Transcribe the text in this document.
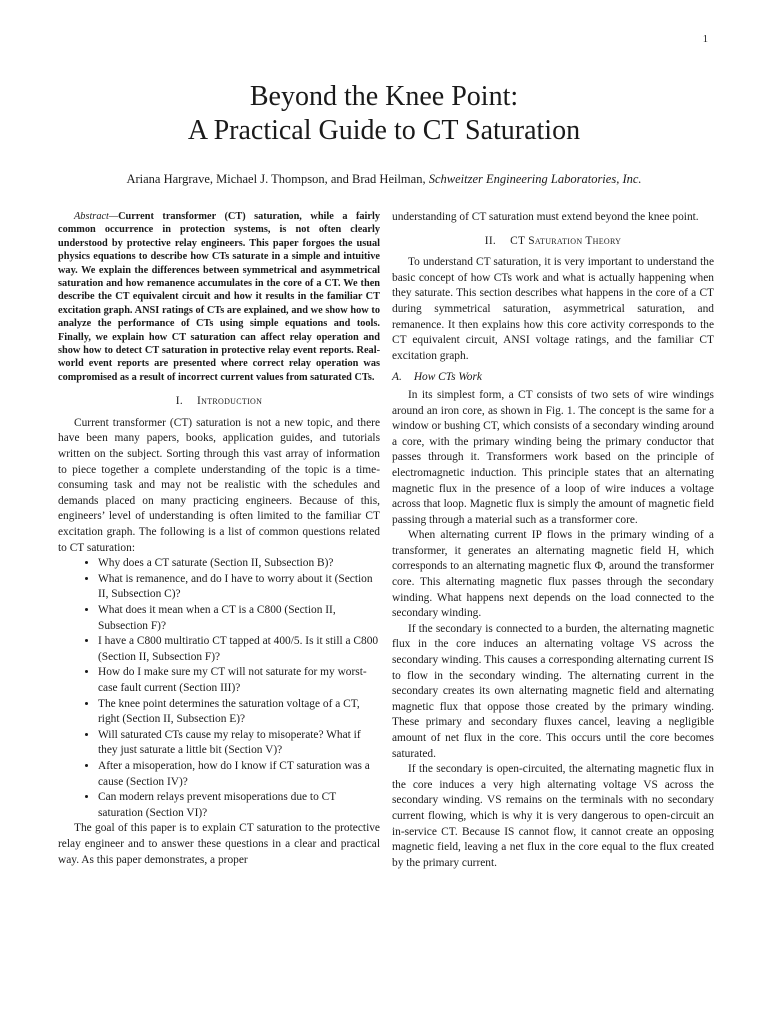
1
Beyond the Knee Point:
A Practical Guide to CT Saturation
Ariana Hargrave, Michael J. Thompson, and Brad Heilman, Schweitzer Engineering Laboratories, Inc.

Abstract—Current transformer (CT) saturation, while a fairly common occurrence in protection systems, is not often clearly understood by protective relay engineers. This paper forgoes the usual physics equations to describe how CTs saturate in a simple and intuitive way. We explain the differences between symmetrical and asymmetrical saturation and how remanence accumulates in the core of a CT. We then describe the CT equivalent circuit and how it results in the familiar CT excitation graph. ANSI ratings of CTs are explained, and we show how to analyze the performance of CTs using simple equations and tools. Finally, we explain how CT saturation can affect relay operation and show how to detect CT saturation in protective relay event reports. Real-world event reports are presented where correct relay operation was compromised as a result of incorrect current values from saturated CTs.

I. Introduction

Current transformer (CT) saturation is not a new topic, and there have been many papers, books, application guides, and tutorials written on the subject. Sorting through this vast array of information to piece together a complete understanding of the topic is a time-consuming task and may not be realistic with the schedules and demands placed on many practicing engineers. Because of this, engineers’ level of understanding is often limited to the familiar CT excitation graph. The following is a list of common questions related to CT saturation:

• Why does a CT saturate (Section II, Subsection B)?
• What is remanence, and do I have to worry about it (Section II, Subsection C)?
• What does it mean when a CT is a C800 (Section II, Subsection F)?
• I have a C800 multiratio CT tapped at 400/5. Is it still a C800 (Section II, Subsection F)?
• How do I make sure my CT will not saturate for my worst-case fault current (Section III)?
• The knee point determines the saturation voltage of a CT, right (Section II, Subsection E)?
• Will saturated CTs cause my relay to misoperate? What if they just saturate a little bit (Section V)?
• After a misoperation, how do I know if CT saturation was a cause (Section IV)?
• Can modern relays prevent misoperations due to CT saturation (Section VI)?

The goal of this paper is to explain CT saturation to the protective relay engineer and to answer these questions in a clear and practical way. As this paper demonstrates, a proper

understanding of CT saturation must extend beyond the knee point.

II. CT Saturation Theory

To understand CT saturation, it is very important to understand the basic concept of how CTs work and what is actually happening when they saturate. This section describes what happens in the core of a CT during symmetrical saturation, asymmetrical saturation, and remanence. It then explains how this core activity corresponds to the CT equivalent circuit, ANSI voltage ratings, and the familiar CT excitation graph.

A. How CTs Work

In its simplest form, a CT consists of two sets of wire windings around an iron core, as shown in Fig. 1. The concept is the same for a window or bushing CT, which consists of a secondary winding around a core, with the primary winding being the primary conductor that passes through it. Transformers work based on the principle of electromagnetic induction. This principle states that an alternating magnetic flux in the presence of a loop of wire induces a voltage across that loop. Magnetic flux is simply the amount of magnetic field passing through a material such as a transformer core.

When alternating current IP flows in the primary winding of a transformer, it generates an alternating magnetic field H, which corresponds to an alternating magnetic flux Φ, around the transformer core. This alternating magnetic flux passes through the secondary winding. What happens next depends on the load connected to the secondary winding.

If the secondary is connected to a burden, the alternating magnetic flux in the core induces an alternating voltage VS across the secondary winding. This causes a corresponding alternating current IS to flow in the secondary winding. The alternating current in the secondary creates its own alternating magnetic field and alternating magnetic flux that oppose those created by the primary winding. These primary and secondary fluxes cancel, leaving a negligible amount of net flux in the core. This occurs until the core becomes saturated.

If the secondary is open-circuited, the alternating magnetic flux in the core induces a very high alternating voltage VS across the secondary winding. VS remains on the terminals with no secondary current flowing, which is why it is very dangerous to open-circuit an in-service CT. Because IS cannot flow, it cannot create an opposing magnetic field, leaving a net flux in the core equal to the flux created by the primary current.
